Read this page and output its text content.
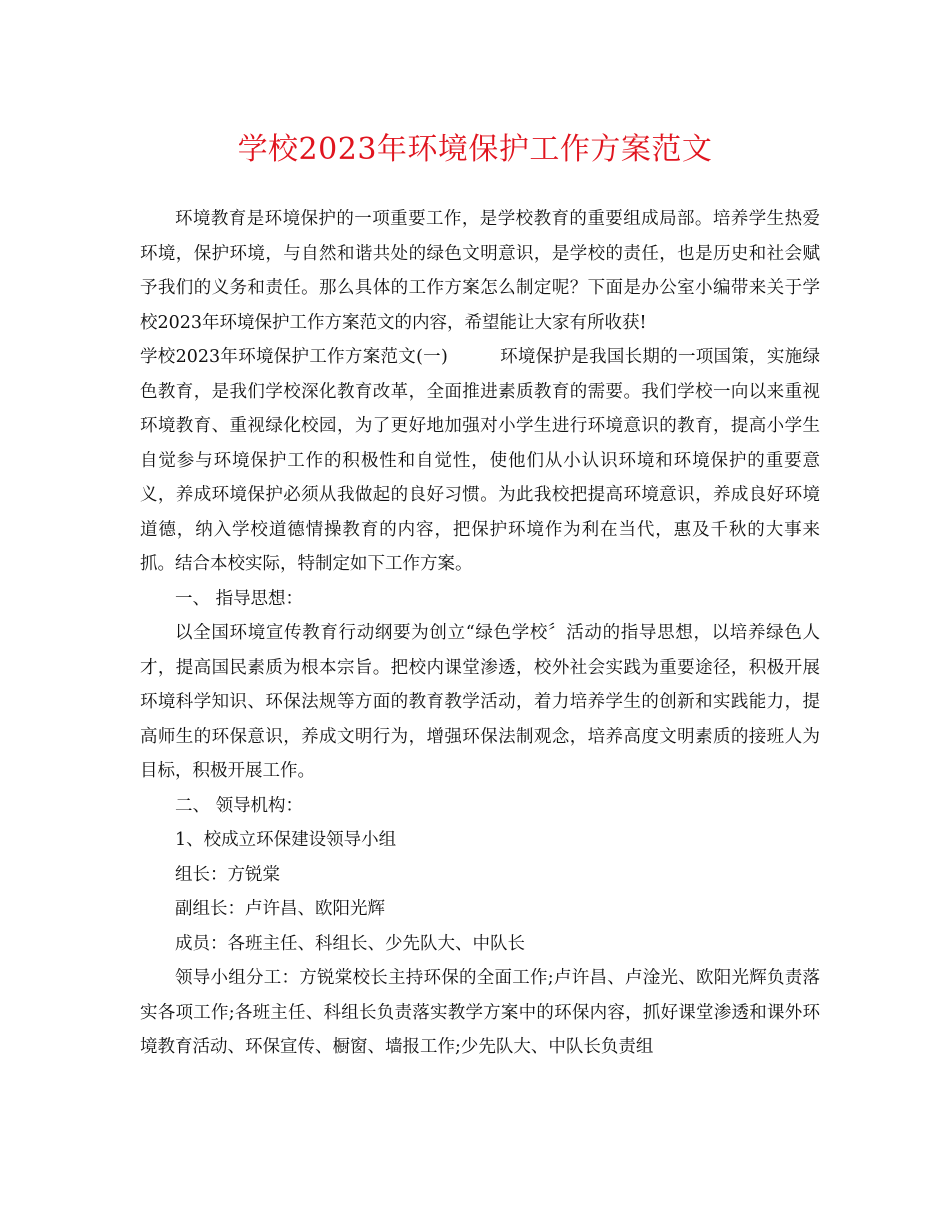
学校2023年环境保护工作方案范文

环境教育是环境保护的一项重要工作，是学校教育的重要组成局部。培养学生热爱环境，保护环境，与自然和谐共处的绿色文明意识，是学校的责任，也是历史和社会赋予我们的义务和责任。那么具体的工作方案怎么制定呢？下面是办公室小编带来关于学校2023年环境保护工作方案范文的内容，希望能让大家有所收获!

学校2023年环境保护工作方案范文(一)	环境保护是我国长期的一项国策，实施绿色教育，是我们学校深化教育改革，全面推进素质教育的需要。我们学校一向以来重视环境教育、重视绿化校园，为了更好地加强对小学生进行环境意识的教育，提高小学生自觉参与环境保护工作的积极性和自觉性，使他们从小认识环境和环境保护的重要意义，养成环境保护必须从我做起的良好习惯。为此我校把提高环境意识，养成良好环境道德，纳入学校道德情操教育的内容，把保护环境作为利在当代，惠及千秋的大事来抓。结合本校实际，特制定如下工作方案。

一、 指导思想：

以全国环境宣传教育行动纲要为创立“绿色学校〞活动的指导思想，以培养绿色人才，提高国民素质为根本宗旨。把校内课堂渗透，校外社会实践为重要途径，积极开展环境科学知识、环保法规等方面的教育教学活动，着力培养学生的创新和实践能力，提高师生的环保意识，养成文明行为，增强环保法制观念，培养高度文明素质的接班人为目标，积极开展工作。

二、 领导机构：

1、校成立环保建设领导小组

组长：方锐棠

副组长：卢许昌、欧阳光辉

成员：各班主任、科组长、少先队大、中队长

领导小组分工：方锐棠校长主持环保的全面工作;卢许昌、卢淦光、欧阳光辉负责落实各项工作;各班主任、科组长负责落实教学方案中的环保内容，抓好课堂渗透和课外环境教育活动、环保宣传、橱窗、墙报工作;少先队大、中队长负责组
